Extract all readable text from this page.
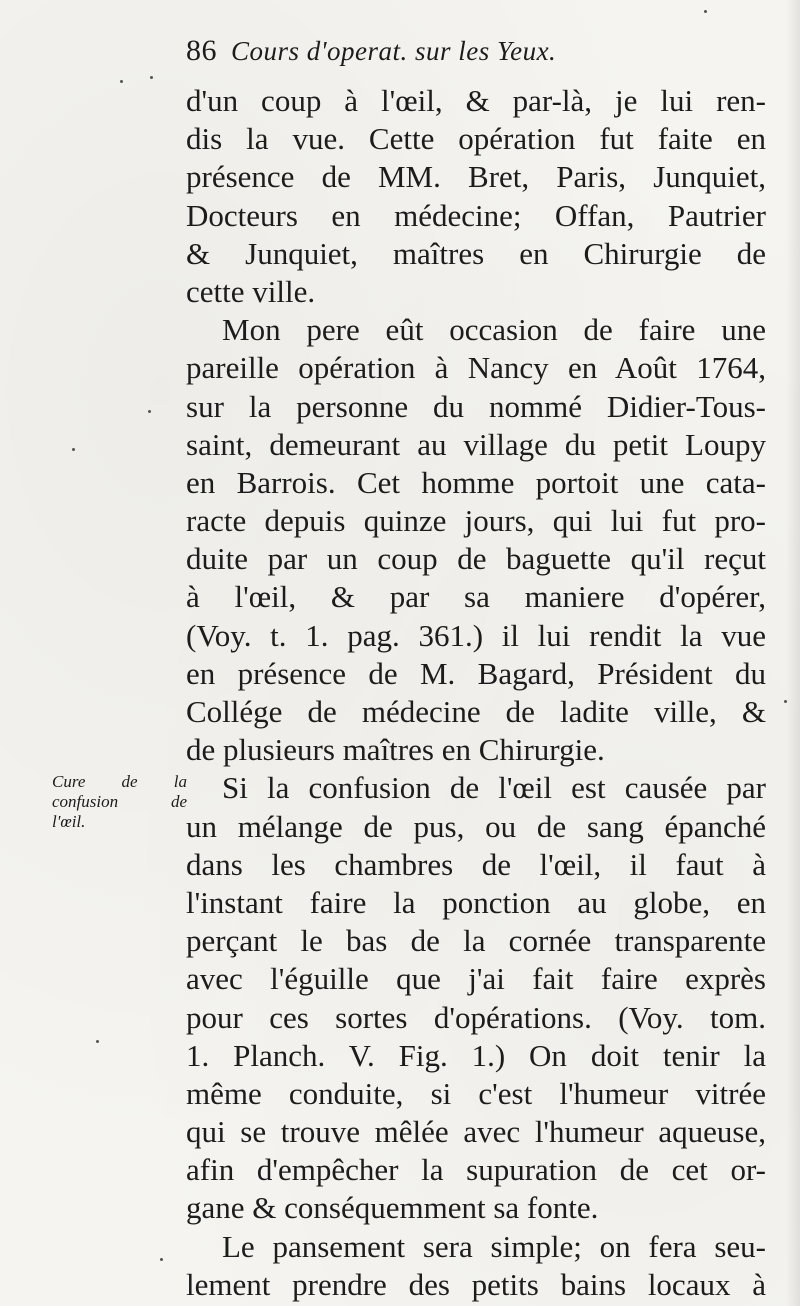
86 Cours d'operat. sur les Yeux.
Cure de la
confusion de
l'œil.
d'un coup à l'œil, & par-là, je lui ren-
dis la vue. Cette opération fut faite en
présence de MM. Bret, Paris, Junquiet,
Docteurs en médecine; Offan, Pautrier
& Junquiet, maîtres en Chirurgie de
cette ville.
Mon pere eût occasion de faire une
pareille opération à Nancy en Août 1764,
sur la personne du nommé Didier-Tous-
saint, demeurant au village du petit Loupy
en Barrois. Cet homme portoit une cata-
racte depuis quinze jours, qui lui fut pro-
duite par un coup de baguette qu'il reçut
à l'œil, & par sa maniere d'opérer,
(Voy. t. 1. pag. 361.) il lui rendit la vue
en présence de M. Bagard, Président du
Collége de médecine de ladite ville, &
de plusieurs maîtres en Chirurgie.
Si la confusion de l'œil est causée par
un mélange de pus, ou de sang épanché
dans les chambres de l'œil, il faut à
l'instant faire la ponction au globe, en
perçant le bas de la cornée transparente
avec l'éguille que j'ai fait faire exprès
pour ces sortes d'opérations. (Voy. tom.
1. Planch. V. Fig. 1.) On doit tenir la
même conduite, si c'est l'humeur vitrée
qui se trouve mêlée avec l'humeur aqueuse,
afin d'empêcher la supuration de cet or-
gane & conséquemment sa fonte.
Le pansement sera simple; on fera seu-
lement prendre des petits bains locaux à
